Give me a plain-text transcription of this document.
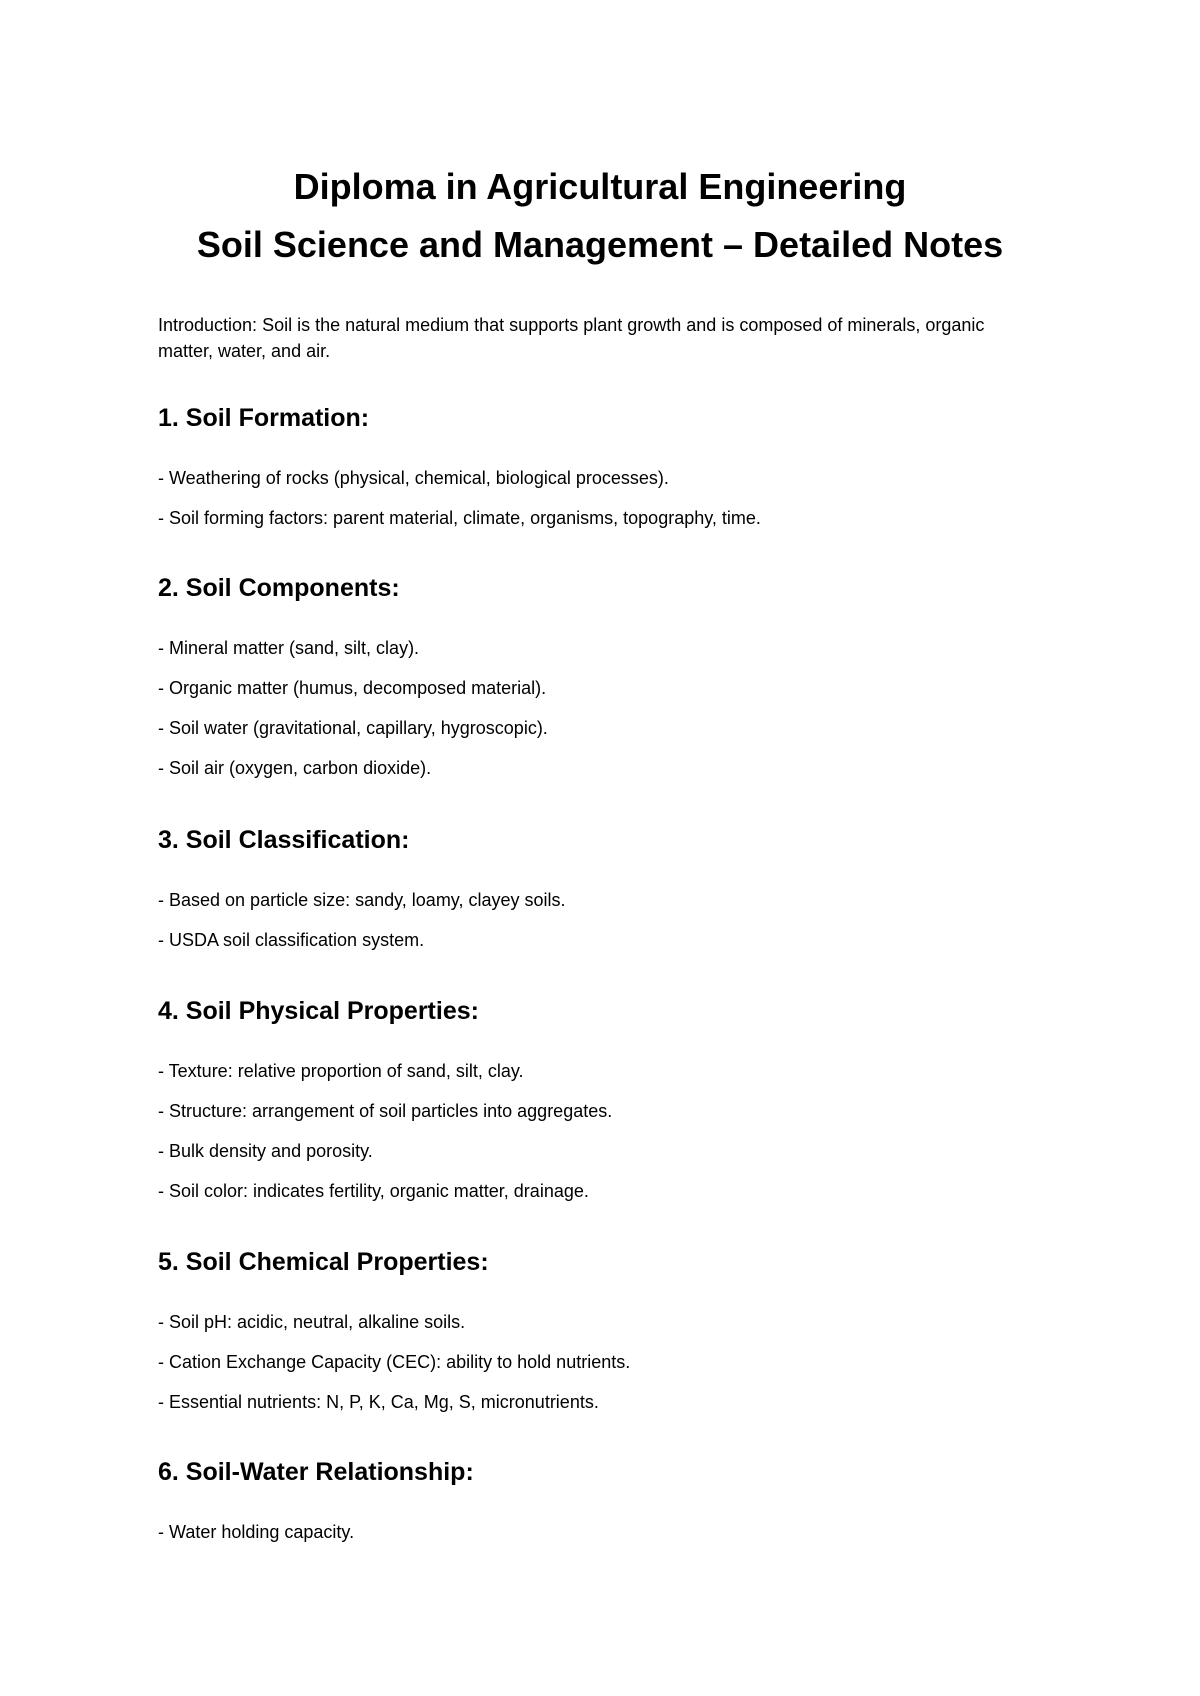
Diploma in Agricultural Engineering

Soil Science and Management – Detailed Notes

Introduction: Soil is the natural medium that supports plant growth and is composed of minerals, organic matter, water, and air.

1. Soil Formation:
- Weathering of rocks (physical, chemical, biological processes).
- Soil forming factors: parent material, climate, organisms, topography, time.
2. Soil Components:
- Mineral matter (sand, silt, clay).
- Organic matter (humus, decomposed material).
- Soil water (gravitational, capillary, hygroscopic).
- Soil air (oxygen, carbon dioxide).
3. Soil Classification:
- Based on particle size: sandy, loamy, clayey soils.
- USDA soil classification system.
4. Soil Physical Properties:
- Texture: relative proportion of sand, silt, clay.
- Structure: arrangement of soil particles into aggregates.
- Bulk density and porosity.
- Soil color: indicates fertility, organic matter, drainage.
5. Soil Chemical Properties:
- Soil pH: acidic, neutral, alkaline soils.
- Cation Exchange Capacity (CEC): ability to hold nutrients.
- Essential nutrients: N, P, K, Ca, Mg, S, micronutrients.
6. Soil-Water Relationship:
- Water holding capacity.
